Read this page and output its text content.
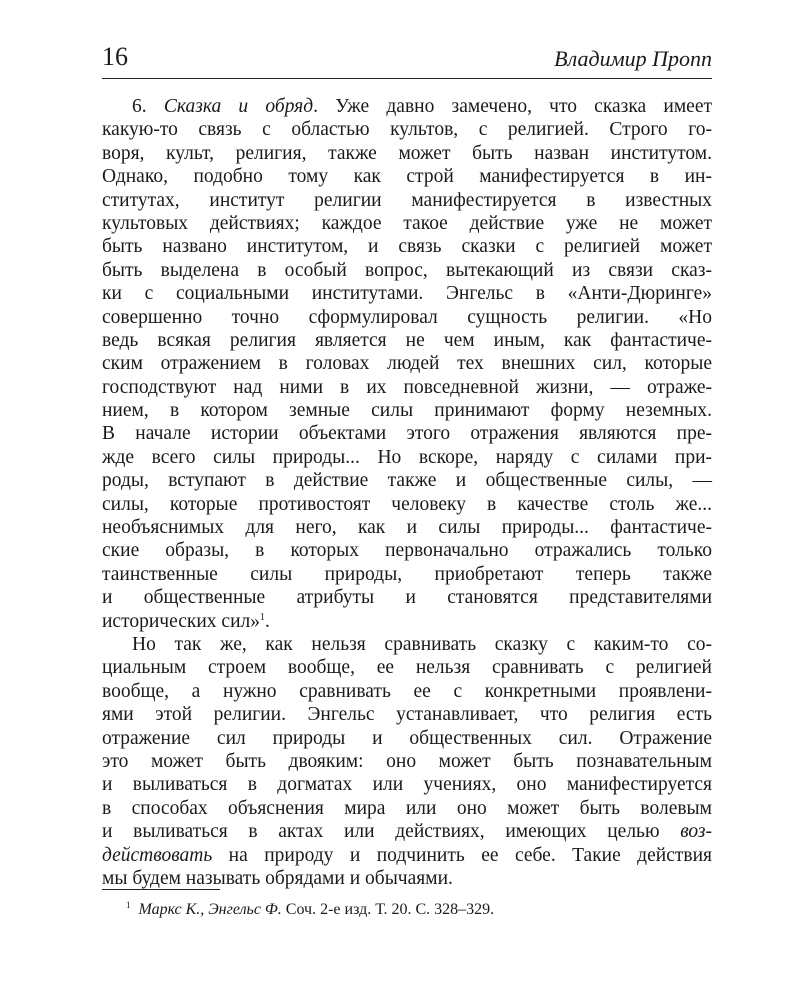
16	Владимир Пропп
6. Сказка и обряд. Уже давно замечено, что сказка имеет
какую-то связь с областью культов, с религией. Строго го-
воря, культ, религия, также может быть назван институтом.
Однако, подобно тому как строй манифестируется в ин-
ститутах, институт религии манифестируется в известных
культовых действиях; каждое такое действие уже не может
быть названо институтом, и связь сказки с религией может
быть выделена в особый вопрос, вытекающий из связи сказ-
ки с социальными институтами. Энгельс в «Анти-Дюринге»
совершенно точно сформулировал сущность религии. «Но
ведь всякая религия является не чем иным, как фантастиче-
ским отражением в головах людей тех внешних сил, которые
господствуют над ними в их повседневной жизни, — отраже-
нием, в котором земные силы принимают форму неземных.
В начале истории объектами этого отражения являются пре-
жде всего силы природы... Но вскоре, наряду с силами при-
роды, вступают в действие также и общественные силы, —
силы, которые противостоят человеку в качестве столь же...
необъяснимых для него, как и силы природы... фантастиче-
ские образы, в которых первоначально отражались только
таинственные силы природы, приобретают теперь также
и общественные атрибуты и становятся представителями
исторических сил»$^1$.
Но так же, как нельзя сравнивать сказку с каким-то со-
циальным строем вообще, ее нельзя сравнивать с религией
вообще, а нужно сравнивать ее с конкретными проявлени-
ями этой религии. Энгельс устанавливает, что религия есть
отражение сил природы и общественных сил. Отражение
это может быть двояким: оно может быть познавательным
и выливаться в догматах или учениях, оно манифестируется
в способах объяснения мира или оно может быть волевым
и выливаться в актах или действиях, имеющих целью воз-
действовать на природу и подчинить ее себе. Такие действия
мы будем называть обрядами и обычаями.
$^1$ Маркс К., Энгельс Ф. Соч. 2-е изд. Т. 20. С. 328–329.
